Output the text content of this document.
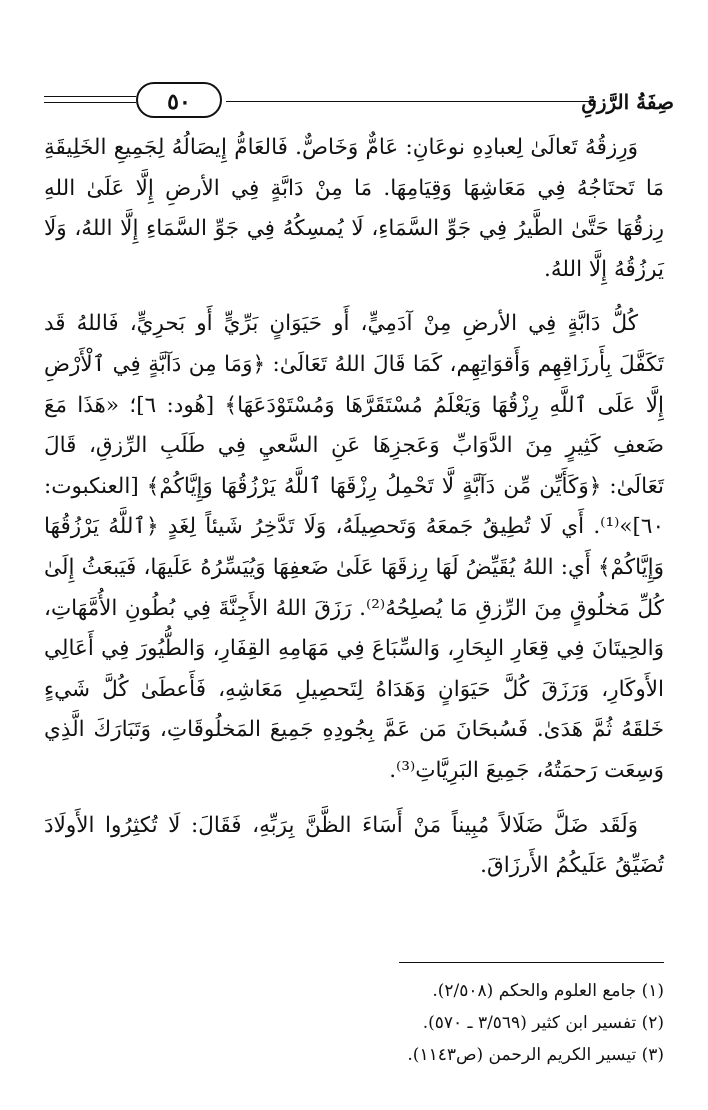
صِفَةُ الرَّزقِ
٥٠

وَرِزقُهُ تَعالَىٰ لِعبادِهِ نوعَانِ: عَامٌّ وَخَاصٌّ. فَالعَامُّ إِيصَالُهُ لِجَمِيعِ الخَلِيقَةِ مَا تَحتَاجُهُ فِي مَعَاشِهَا وَقِيَامِهَا. مَا مِنْ دَابَّةٍ فِي الأرضِ إِلَّا عَلَىٰ اللهِ رِزقُهَا حَتَّىٰ الطَّيرُ فِي جَوِّ السَّمَاءِ، لَا يُمسِكُهُ فِي جَوِّ السَّمَاءِ إِلَّا اللهُ، وَلَا يَرزُقُهُ إِلَّا اللهُ.

كُلُّ دَابَّةٍ فِي الأرضِ مِنْ آدَمِيٍّ، أَو حَيَوَانٍ بَرِّيٍّ أَو بَحرِيٍّ، فَاللهُ قَد تَكَفَّلَ بِأَرزَاقِهِم وَأَقوَاتِهِم، كَمَا قَالَ اللهُ تَعَالَىٰ: ﴿وَمَا مِن دَآبَّةٍ فِي ٱلْأَرْضِ إِلَّا عَلَى ٱللَّهِ رِزْقُهَا وَيَعْلَمُ مُسْتَقَرَّهَا وَمُسْتَوْدَعَهَا﴾ [هُود: ٦]؛ «هَذَا مَعَ ضَعفِ كَثِيرٍ مِنَ الدَّوَابِّ وَعَجزِهَا عَنِ السَّعيِ فِي طَلَبِ الرِّزقِ، قَالَ تَعَالَىٰ: ﴿وَكَأَيِّن مِّن دَآبَّةٍ لَّا تَحْمِلُ رِزْقَهَا ٱللَّهُ يَرْزُقُهَا وَإِيَّاكُمْ﴾ [العنكبوت: ٦٠]»⁽¹⁾. أَي لَا تُطِيقُ جَمعَهُ وَتَحصِيلَهُ، وَلَا تَدَّخِرُ شَيئاً لِغَدٍ ﴿ٱللَّهُ يَرْزُقُهَا وَإِيَّاكُمْ﴾ أَي: اللهُ يُقَيِّضُ لَهَا رِزقَهَا عَلَىٰ ضَعفِهَا وَيُيَسِّرُهُ عَلَيهَا، فَيَبعَثُ إِلَىٰ كُلِّ مَخلُوقٍ مِنَ الرِّزقِ مَا يُصلِحُهُ⁽²⁾. رَزَقَ اللهُ الأَجِنَّةَ فِي بُطُونِ الأُمَّهَاتِ، وَالحِيتَانَ فِي قِعَارِ البِحَارِ، وَالسِّبَاعَ فِي مَهَامِهِ القِفَارِ، وَالطُّيُورَ فِي أَعَالِي الأَوكَارِ، وَرَزَقَ كُلَّ حَيَوَانٍ وَهَدَاهُ لِتَحصِيلِ مَعَاشِهِ، فَأَعطَىٰ كُلَّ شَيءٍ خَلقَهُ ثُمَّ هَدَىٰ. فَسُبحَانَ مَن عَمَّ بِجُودِهِ جَمِيعَ المَخلُوقَاتِ، وَتَبَارَكَ الَّذِي وَسِعَت رَحمَتُهُ، جَمِيعَ البَرِيَّاتِ⁽³⁾.

وَلَقَد ضَلَّ ضَلَالاً مُبِيناً مَنْ أَسَاءَ الظَّنَّ بِرَبِّهِ، فَقَالَ: لَا تُكثِرُوا الأَولَادَ تُضَيِّقُ عَلَيكُمُ الأَرزَاقَ.

(١) جامع العلوم والحكم (٢/٥٠٨).
(٢) تفسير ابن كثير (٣/٥٦٩ ـ ٥٧٠).
(٣) تيسير الكريم الرحمن (ص١١٤٣).
